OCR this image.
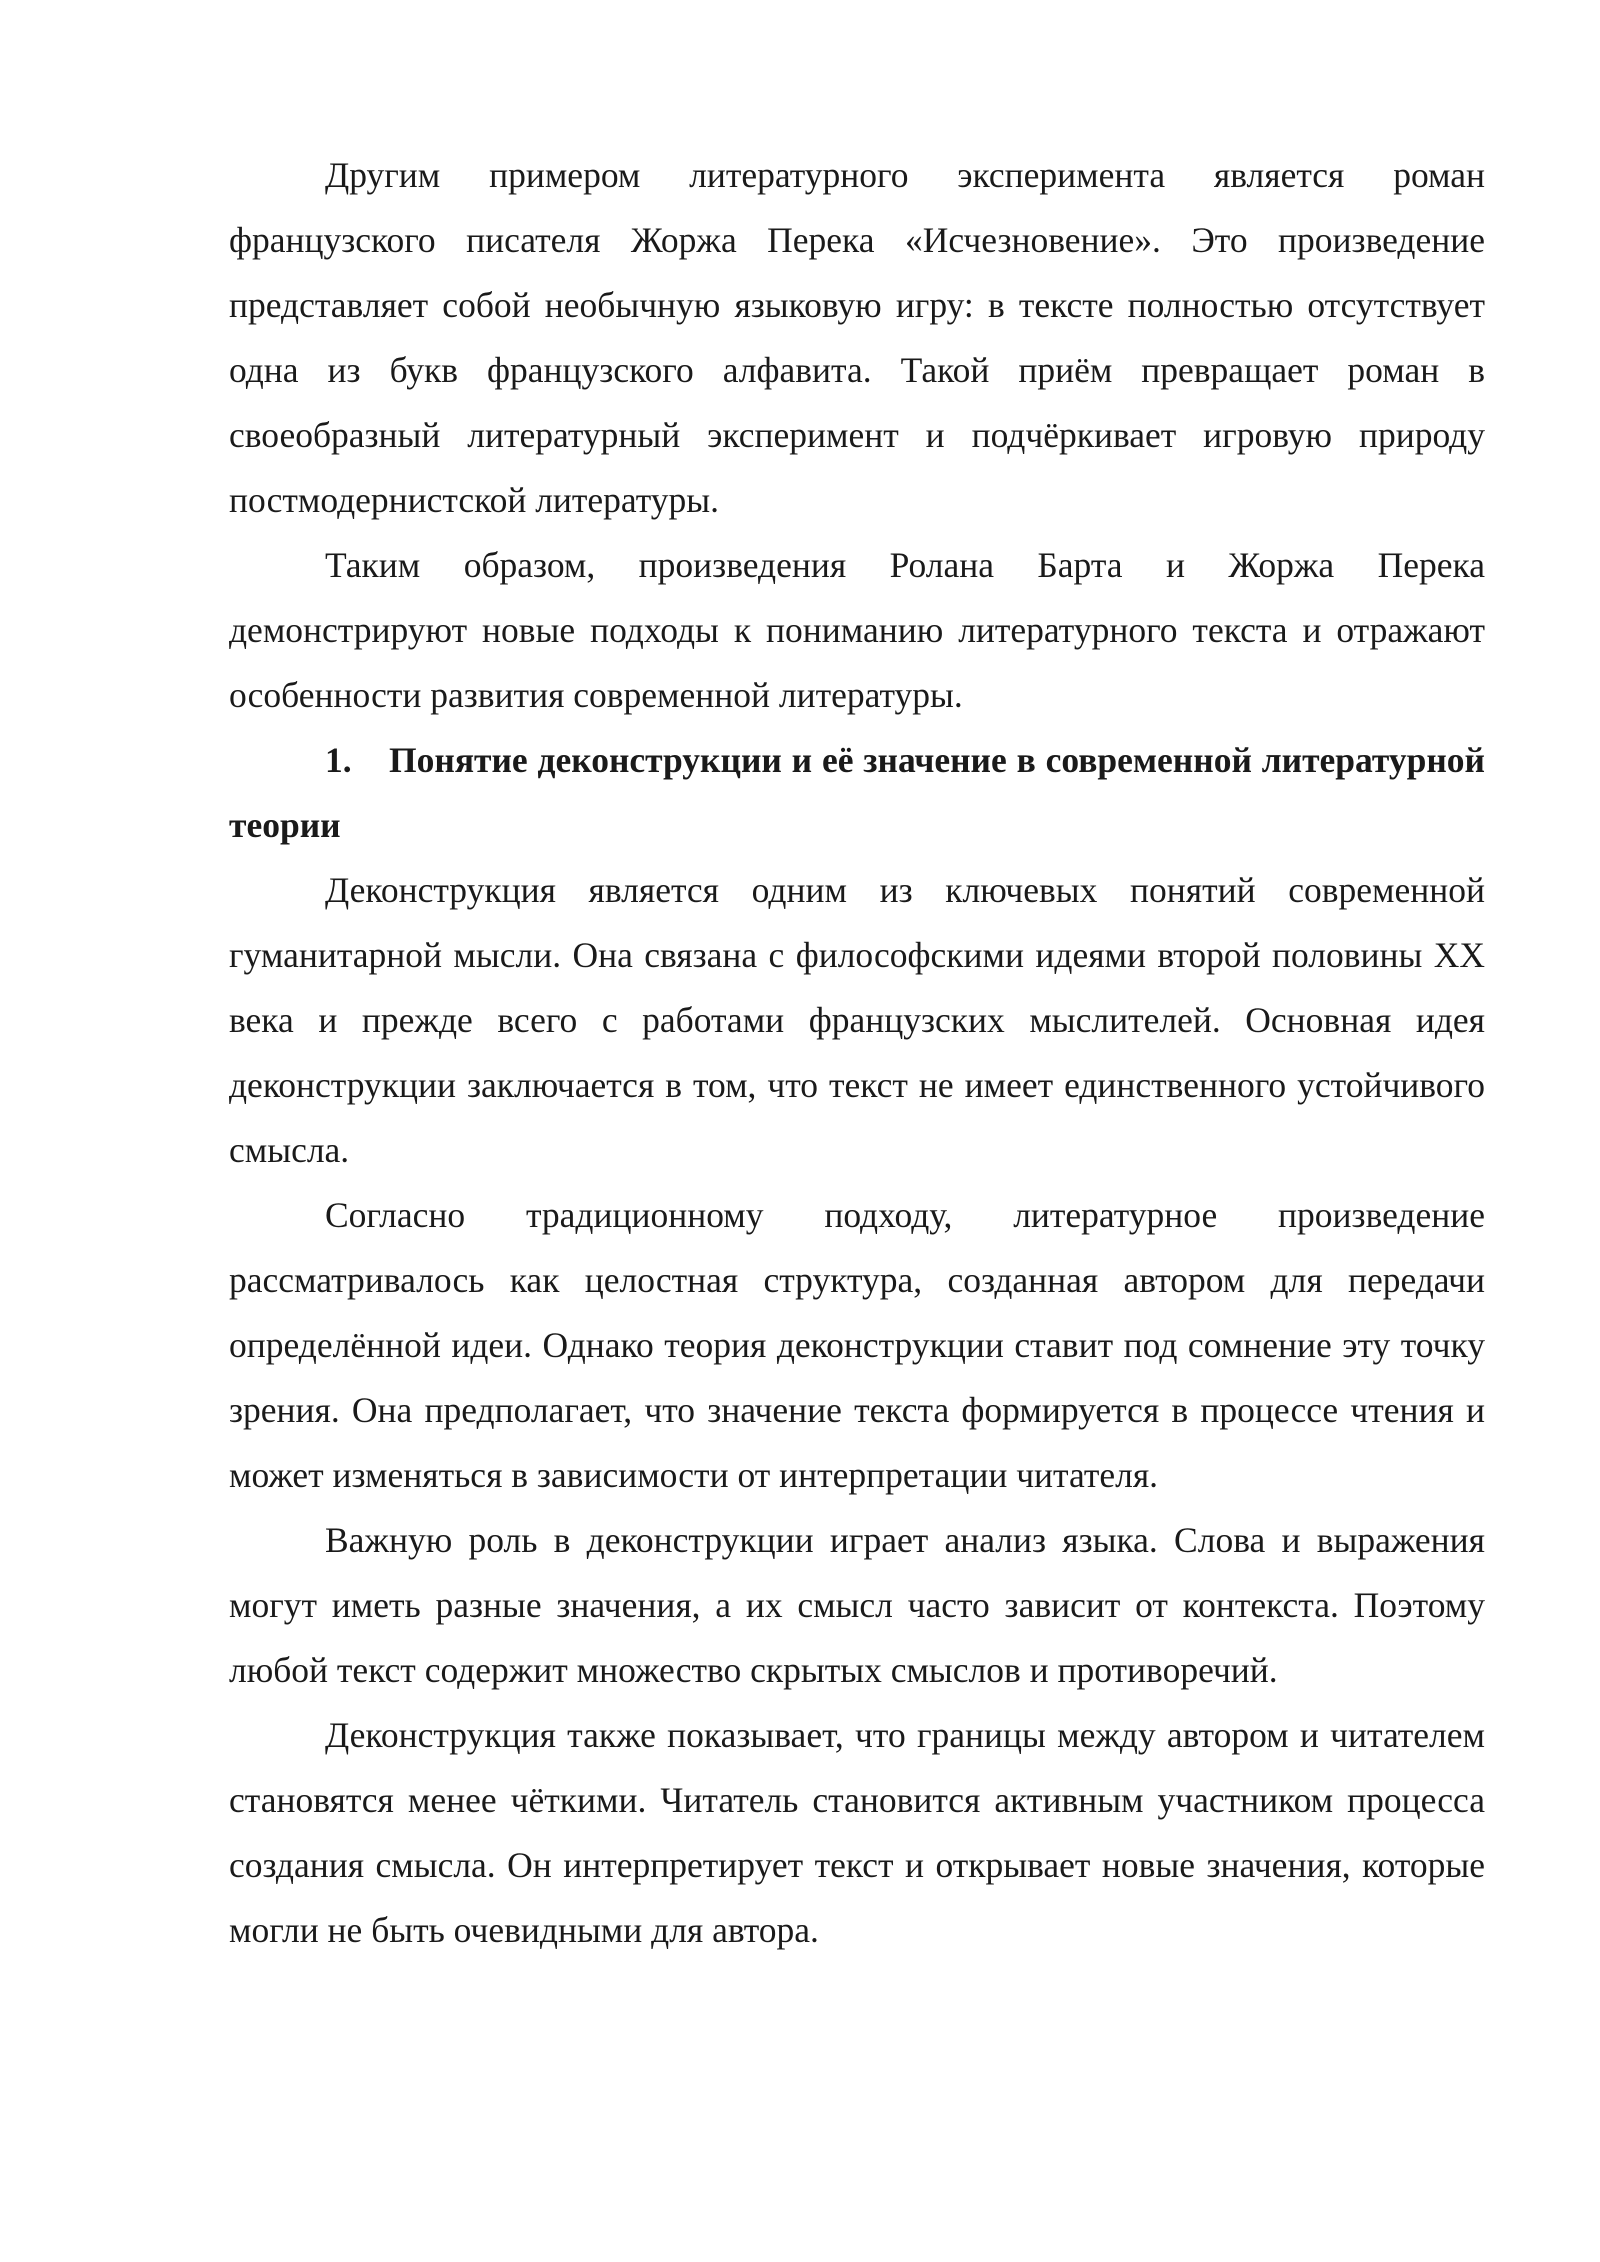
Другим примером литературного эксперимента является роман французского писателя Жоржа Перека «Исчезновение». Это произведение представляет собой необычную языковую игру: в тексте полностью отсутствует одна из букв французского алфавита. Такой приём превращает роман в своеобразный литературный эксперимент и подчёркивает игровую природу постмодернистской литературы.

Таким образом, произведения Ролана Барта и Жоржа Перека демонстрируют новые подходы к пониманию литературного текста и отражают особенности развития современной литературы.

1. Понятие деконструкции и её значение в современной литературной теории

Деконструкция является одним из ключевых понятий современной гуманитарной мысли. Она связана с философскими идеями второй половины XX века и прежде всего с работами французских мыслителей. Основная идея деконструкции заключается в том, что текст не имеет единственного устойчивого смысла.

Согласно традиционному подходу, литературное произведение рассматривалось как целостная структура, созданная автором для передачи определённой идеи. Однако теория деконструкции ставит под сомнение эту точку зрения. Она предполагает, что значение текста формируется в процессе чтения и может изменяться в зависимости от интерпретации читателя.

Важную роль в деконструкции играет анализ языка. Слова и выражения могут иметь разные значения, а их смысл часто зависит от контекста. Поэтому любой текст содержит множество скрытых смыслов и противоречий.

Деконструкция также показывает, что границы между автором и читателем становятся менее чёткими. Читатель становится активным участником процесса создания смысла. Он интерпретирует текст и открывает новые значения, которые могли не быть очевидными для автора.
